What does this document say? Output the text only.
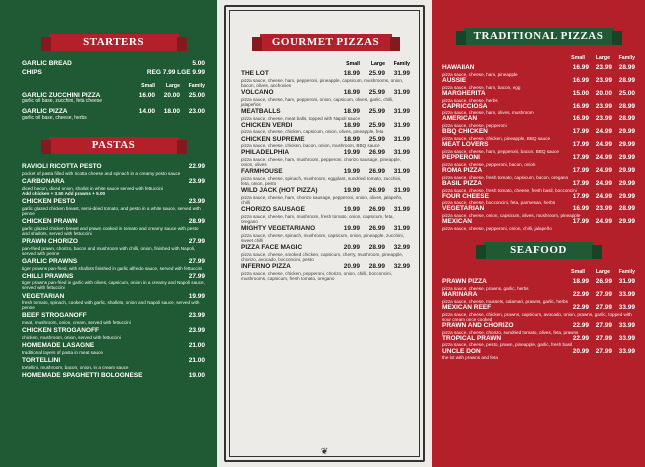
STARTERS
GARLIC BREAD	5.00
CHIPS	REG 7.99 LGE 9.99
Small	Large	Family
GARLIC ZUCCHINI PIZZA	16.00	20.00	25.00
garlic oil base, zucchini, feta cheese
GARLIC PIZZA	14.00	18.00	23.00
garlic oil base, cheese, herbs
PASTAS
RAVIOLI RICOTTA PESTO	22.99
pocket of pasta filled with ricotta cheese and spinach in a creamy pesto sauce
CARBONARA	23.99
diced bacon, diced onion, shallot in white sauce served with fettuccini
Add chicken + 3.50 Add prawns + 5.00
CHICKEN PESTO	23.99
garlic glazed chicken breast, semi-dried tomato, and pesto in a white sauce, served with penne
CHICKEN PRAWN	28.99
garlic glazed chicken breast and prawn cooked in tomato and creamy sauce with pesto and shallots, served with fettuccini
PRAWN CHORIZO	27.99
pan-fried prawn, chorizo, bacon and mushroom with chilli, onion, finished with Napoli, served with penne
GARLIC PRAWNS	27.99
tiger prawns pan-fried, with shallots finished in garlic alfredo sauce, served with fettuccini
CHILLI PRAWNS	27.99
tiger prawns pan-fried in garlic with olives, capsicum, onion in a creamy and Napoli sauce, served with fettuccini
VEGETARIAN	19.99
fresh tomato, spinach, cooked with garlic, shallots, onion and Napoli sauce, served with penne
BEEF STROGANOFF	23.99
meat, mushroom, onion, cream, served with fettuccini
CHICKEN STROGANOFF	23.99
chicken, mushroom, onion, served with fettuccini
HOMEMADE LASAGNE	21.00
traditional layers of pasta in meat sauce
TORTELLINI	21.00
tortellini, mushroom, bacon, onion, in a cream sauce
HOMEMADE SPAGHETTI BOLOGNESE	19.00
GOURMET PIZZAS
Small	Large	Family
THE LOT	18.99	25.99	31.99
pizza sauce, cheese, ham, pepperoni, pineapple, capsicum, mushrooms, onion, bacon, olives, anchovies
VOLCANO	18.99	25.99	31.99
pizza sauce, cheese, ham, pepperoni, onion, capsicum, olives, garlic, chilli, jalapeños
MEATBALLS	18.99	25.99	31.99
pizza sauce, cheese, meat balls, topped with Napoli sauce
CHICKEN VERDI	18.99	25.99	31.99
pizza sauce, cheese, chicken, capsicum, onion, olives, pineapple, feta
CHICKEN SUPREME	18.99	25.99	31.99
pizza sauce, cheese, chicken, bacon, onion, mushroom, BBQ sauce
PHILADELPHIA	19.99	26.99	31.99
pizza sauce, cheese, ham, mushroom, pepperoni, chorizo sausage, pineapple, onion, olives
FARMHOUSE	19.99	26.99	31.99
pizza sauce, cheese, spinach, mushroom, eggplant, sundried tomato, zucchini, feta, onion, pesto
WILD JACK (HOT PIZZA)	19.99	26.99	31.99
pizza sauce, cheese, ham, chorizo sausage, pepperoni, onion, olives, jalapeño, chilli
CHORIZO SAUSAGE	19.99	26.99	31.99
pizza sauce, cheese, ham, mushroom, fresh tomato, onion, capsicum, feta, oregano
MIGHTY VEGETARIANO	19.99	26.99	31.99
pizza sauce, cheese, spinach, mushroom, capsicum, onion, pineapple, zucchini, sweet chilli
PIZZA FACE MAGIC	20.99	28.99	32.99
pizza sauce, cheese, smoked chicken, capsicum, cherry, mushroom, pineapple, chorizo, avocado, bocconcini, pesto
INFERNO PIZZA	20.99	28.99	32.99
pizza sauce, cheese, chicken, pepperoni, chorizo, onion, chilli, bocconcini, mushrooms, capsicum, fresh tomato, oregano
❦
TRADITIONAL PIZZAS
Small	Large	Family
HAWAIIAN	16.99 23.99 28.99
pizza sauce, cheese, ham, pineapple
AUSSIE	16.99 23.99 28.99
pizza sauce, cheese, ham, bacon, egg
MARGHERITA	15.00 20.00 25.00
pizza sauce, cheese, herbs
CAPRICCIOSA	16.99 23.99 28.99
pizza sauce, cheese, ham, olives, mushroom
AMERICAN	16.99 23.99 28.99
pizza sauce, cheese, pepperoni
BBQ CHICKEN	17.99 24.99 29.99
pizza sauce, cheese, chicken, pineapple, BBQ sauce
MEAT LOVERS	17.99 24.99 29.99
pizza sauce, cheese, ham, pepperoni, bacon, BBQ sauce
PEPPERONI	17.99 24.99 29.99
pizza sauce, cheese, pepperoni, bacon, onion
ROMA PIZZA	17.99 24.99 29.99
pizza sauce, cheese, fresh tomato, capsicum, bacon, oregano
BASIL PIZZA	17.99 24.99 29.99
pizza sauce, cheese, fresh tomato, cheese, fresh basil, bocconcini
FOUR CHEESE	17.99 24.99 29.99
pizza sauce, cheese, bocconcini, feta, parmesan, herbs
VEGETARIAN	16.99 23.99 28.99
pizza sauce, cheese, onion, capsicum, olives, mushroom, pineapple
MEXICAN	17.99 24.99 29.99
pizza sauce, cheese, pepperoni, onion, chilli, jalapeño
SEAFOOD
Small	Large	Family
PRAWN PIZZA	18.99 26.99 31.99
pizza sauce, cheese, prawns, garlic, herbs
MARINARA	22.99 27.99 33.99
pizza sauce, cheese, mussels, calamari, prawns, garlic, herbs
MEXICAN REEF	22.99 27.99 33.99
pizza sauce, cheese, chicken, prawns, capsicum, avocado, onion, prawns, garlic, topped with sour cream once cooked
PRAWN AND CHORIZO	22.99 27.99 33.99
pizza sauce, cheese, chorizo, sundried tomato, olives, feta, prawns
TROPICAL PRAWN	22.99 27.99 33.99
pizza sauce, cheese, pesto, prawn, pineapple, garlic, fresh basil
UNCLE DON	20.99 27.99 33.99
the lot with prawns and feta
